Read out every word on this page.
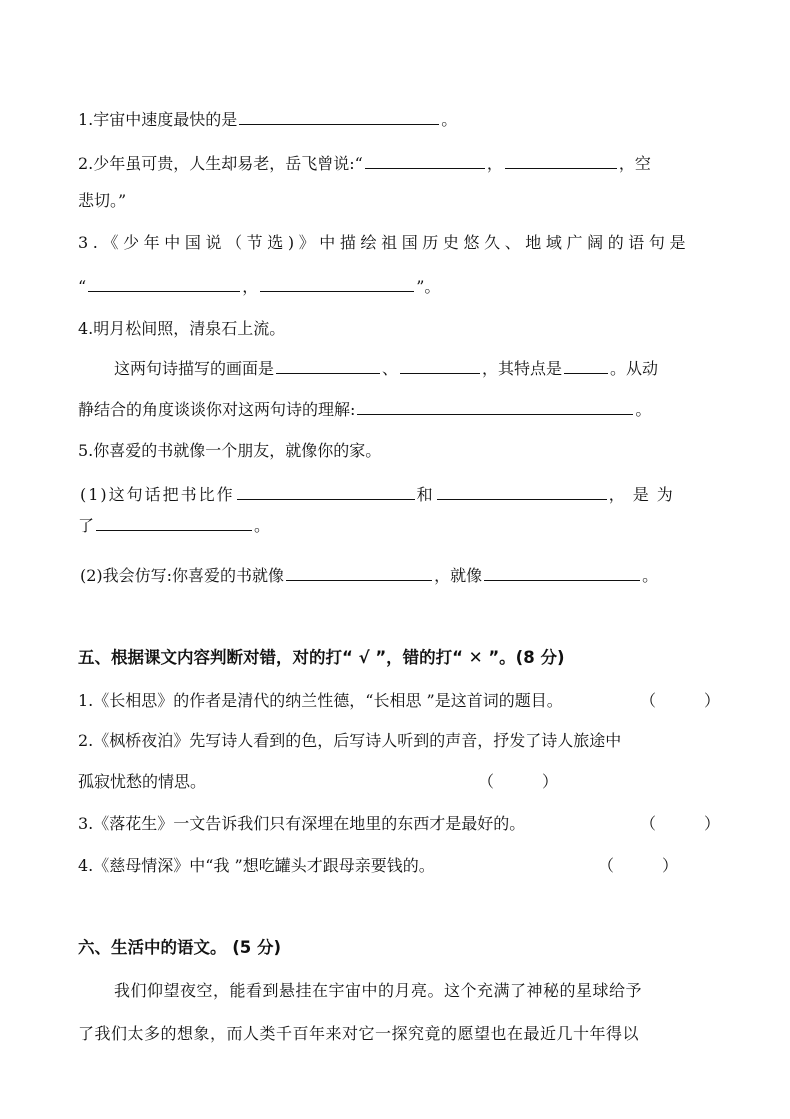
1.宇宙中速度最快的是	。
2.少年虽可贵，人生却易老，岳飞曾说:“	，	，空
悲切。”
3.《少年中国说（节选)》中描绘祖国历史悠久、地域广阔的语句是
“	，	”。
4.明月松间照，清泉石上流。
这两句诗描写的画面是	、	，其特点是	。从动
静结合的角度谈谈你对这两句诗的理解:	。
5.你喜爱的书就像一个朋友，就像你的家。
(1)这句话把书比作	和	，是为
了	。
(2)我会仿写:你喜爱的书就像	，就像	。
五、根据课文内容判断对错，对的打“ √ ”，错的打“ ✕ ”。(8 分)
1.《长相思》的作者是清代的纳兰性德，“长相思 ”是这首词的题目。	（　　　）
2.《枫桥夜泊》先写诗人看到的色，后写诗人听到的声音，抒发了诗人旅途中
孤寂忧愁的情思。	（　　　）
3.《落花生》一文告诉我们只有深埋在地里的东西才是最好的。	（　　　）
4.《慈母情深》中“我 ”想吃罐头才跟母亲要钱的。	（　　　）
六、生活中的语文。 (5 分)
我们仰望夜空，能看到悬挂在宇宙中的月亮。这个充满了神秘的星球给予
了我们太多的想象，而人类千百年来对它一探究竟的愿望也在最近几十年得以
